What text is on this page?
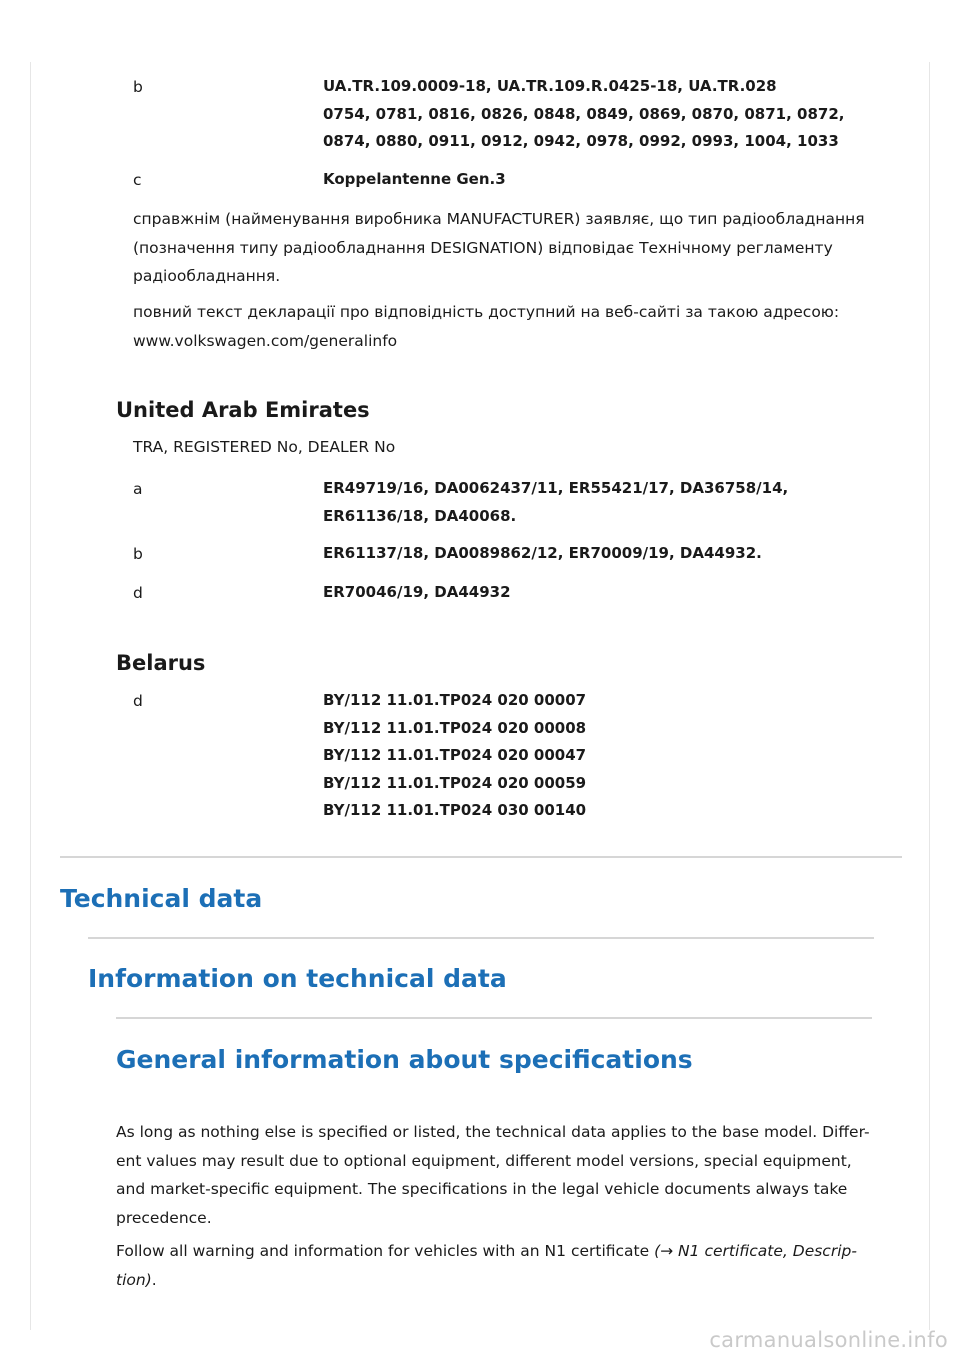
b	UA.TR.109.0009-18, UA.TR.109.R.0425-18, UA.TR.028
0754, 0781, 0816, 0826, 0848, 0849, 0869, 0870, 0871, 0872,
0874, 0880, 0911, 0912, 0942, 0978, 0992, 0993, 1004, 1033
c	Koppelantenne Gen.3
справжнім (найменування виробника MANUFACTURER) заявляє, що тип радіообладнання
(позначення типу радіообладнання DESIGNATION) відповідає Технічному регламенту
радіообладнання.
повний текст декларації про відповідність доступний на веб-сайті за такою адресою:
www.volkswagen.com/generalinfo
United Arab Emirates
TRA, REGISTERED No, DEALER No
a	ER49719/16, DA0062437/11, ER55421/17, DA36758/14,
ER61136/18, DA40068.
b	ER61137/18, DA0089862/12, ER70009/19, DA44932.
d	ER70046/19, DA44932
Belarus
d	BY/112 11.01.TP024 020 00007
BY/112 11.01.TP024 020 00008
BY/112 11.01.TP024 020 00047
BY/112 11.01.TP024 020 00059
BY/112 11.01.TP024 030 00140
Technical data
Information on technical data
General information about specifications
As long as nothing else is specified or listed, the technical data applies to the base model. Differ-
ent values may result due to optional equipment, different model versions, special equipment,
and market-specific equipment. The specifications in the legal vehicle documents always take
precedence.
Follow all warning and information for vehicles with an N1 certificate (→ N1 certificate, Descrip-
tion).
carmanualsonline.info
